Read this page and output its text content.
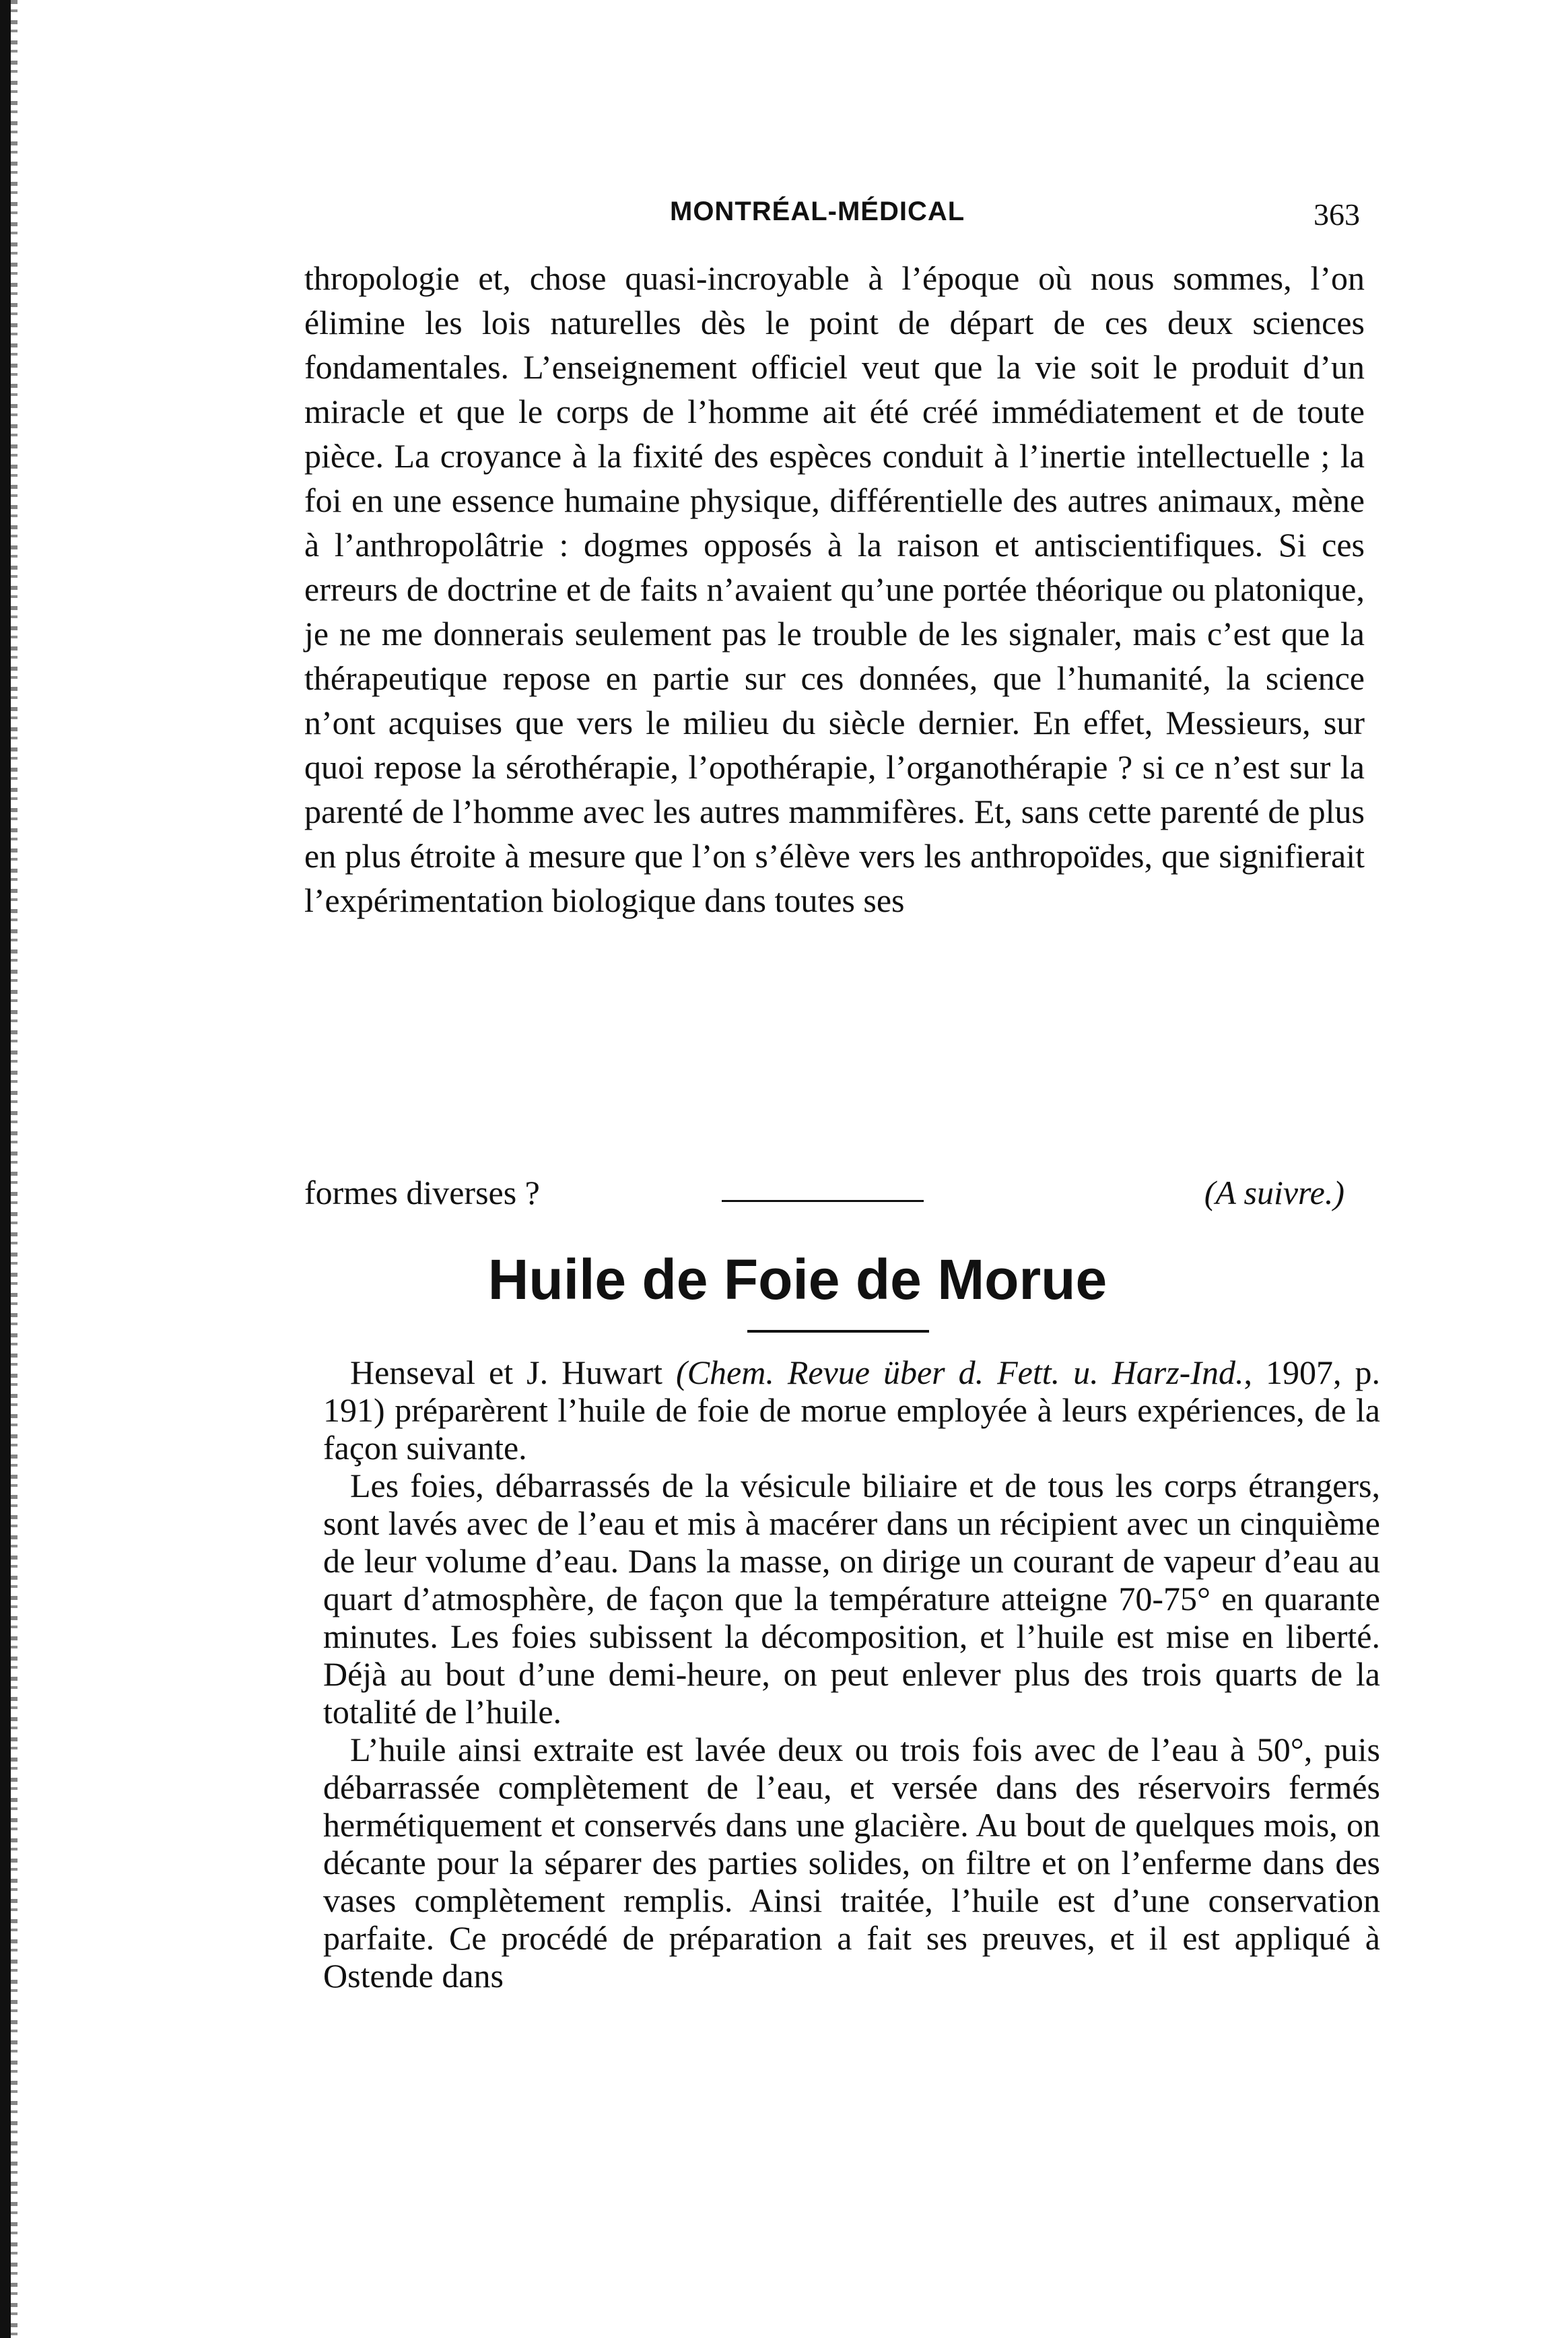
MONTRÉAL-MÉDICAL	363

thropologie et, chose quasi-incroyable à l’époque où nous sommes, l’on élimine les lois naturelles dès le point de départ de ces deux sciences fondamentales. L’enseignement officiel veut que la vie soit le produit d’un miracle et que le corps de l’homme ait été créé immédiatement et de toute pièce. La croyance à la fixité des espèces conduit à l’inertie intellectuelle ; la foi en une essence humaine physique, différentielle des autres animaux, mène à l’anthropolâtrie : dogmes opposés à la raison et antiscientifiques. Si ces erreurs de doctrine et de faits n’avaient qu’une portée théorique ou platonique, je ne me donnerais seulement pas le trouble de les signaler, mais c’est que la thérapeutique repose en partie sur ces données, que l’humanité, la science n’ont acquises que vers le milieu du siècle dernier. En effet, Messieurs, sur quoi repose la sérothérapie, l’opothérapie, l’organothérapie ? si ce n’est sur la parenté de l’homme avec les autres mammifères. Et, sans cette parenté de plus en plus étroite à mesure que l’on s’élève vers les anthropoïdes, que signifierait l’expérimentation biologique dans toutes ses

formes diverses ?	(A suivre.)
Huile de Foie de Morue

Henseval et J. Huwart (Chem. Revue über d. Fett. u. Harz-Ind., 1907, p. 191) préparèrent l’huile de foie de morue employée à leurs expériences, de la façon suivante.

Les foies, débarrassés de la vésicule biliaire et de tous les corps étrangers, sont lavés avec de l’eau et mis à macérer dans un récipient avec un cinquième de leur volume d’eau. Dans la masse, on dirige un courant de vapeur d’eau au quart d’atmosphère, de façon que la température atteigne 70-75° en quarante minutes. Les foies subissent la décomposition, et l’huile est mise en liberté. Déjà au bout d’une demi-heure, on peut enlever plus des trois quarts de la totalité de l’huile.

L’huile ainsi extraite est lavée deux ou trois fois avec de l’eau à 50°, puis débarrassée complètement de l’eau, et versée dans des réservoirs fermés hermétiquement et conservés dans une glacière. Au bout de quelques mois, on décante pour la séparer des parties solides, on filtre et on l’enferme dans des vases complètement remplis. Ainsi traitée, l’huile est d’une conservation parfaite. Ce procédé de préparation a fait ses preuves, et il est appliqué à Ostende dans
